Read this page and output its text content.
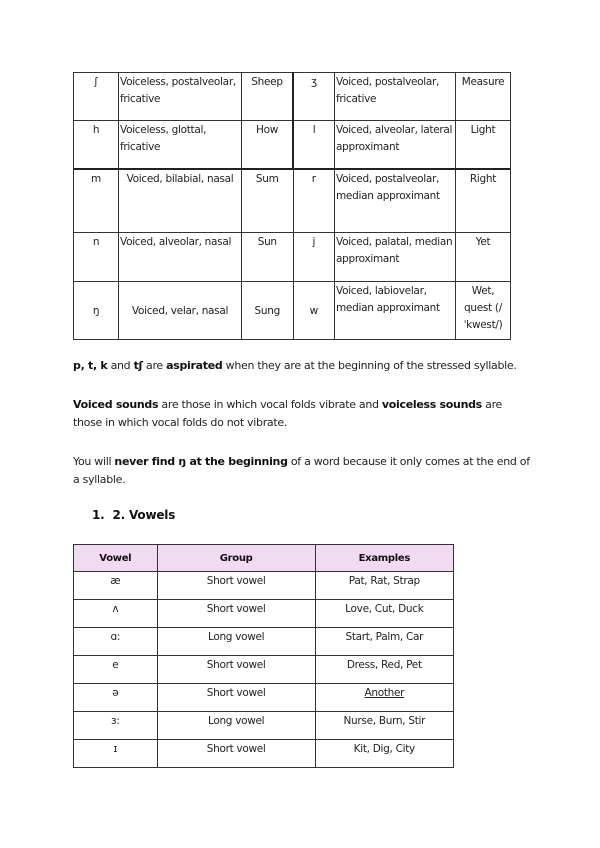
ʃ	Voiceless, postalveolar, fricative	Sheep	ʒ	Voiced, postalveolar, fricative	Measure
h	Voiceless, glottal, fricative	How	l	Voiced, alveolar, lateral approximant	Light
m	Voiced, bilabial, nasal	Sum	r	Voiced, postalveolar, median approximant	Right
n	Voiced, alveolar, nasal	Sun	j	Voiced, palatal, median approximant	Yet
ŋ	Voiced, velar, nasal	Sung	w	Voiced, labiovelar, median approximant	Wet, quest (/ˈkwest/)
p, t, k and tʃ are aspirated when they are at the beginning of the stressed syllable.
Voiced sounds are those in which vocal folds vibrate and voiceless sounds are those in which vocal folds do not vibrate.
You will never find ŋ at the beginning of a word because it only comes at the end of a syllable.
1. 2. Vowels
Vowel	Group	Examples
æ	Short vowel	Pat, Rat, Strap
ʌ	Short vowel	Love, Cut, Duck
ɑ:	Long vowel	Start, Palm, Car
e	Short vowel	Dress, Red, Pet
ə	Short vowel	Another
ɜ:	Long vowel	Nurse, Burn, Stir
ɪ	Short vowel	Kit, Dig, City
